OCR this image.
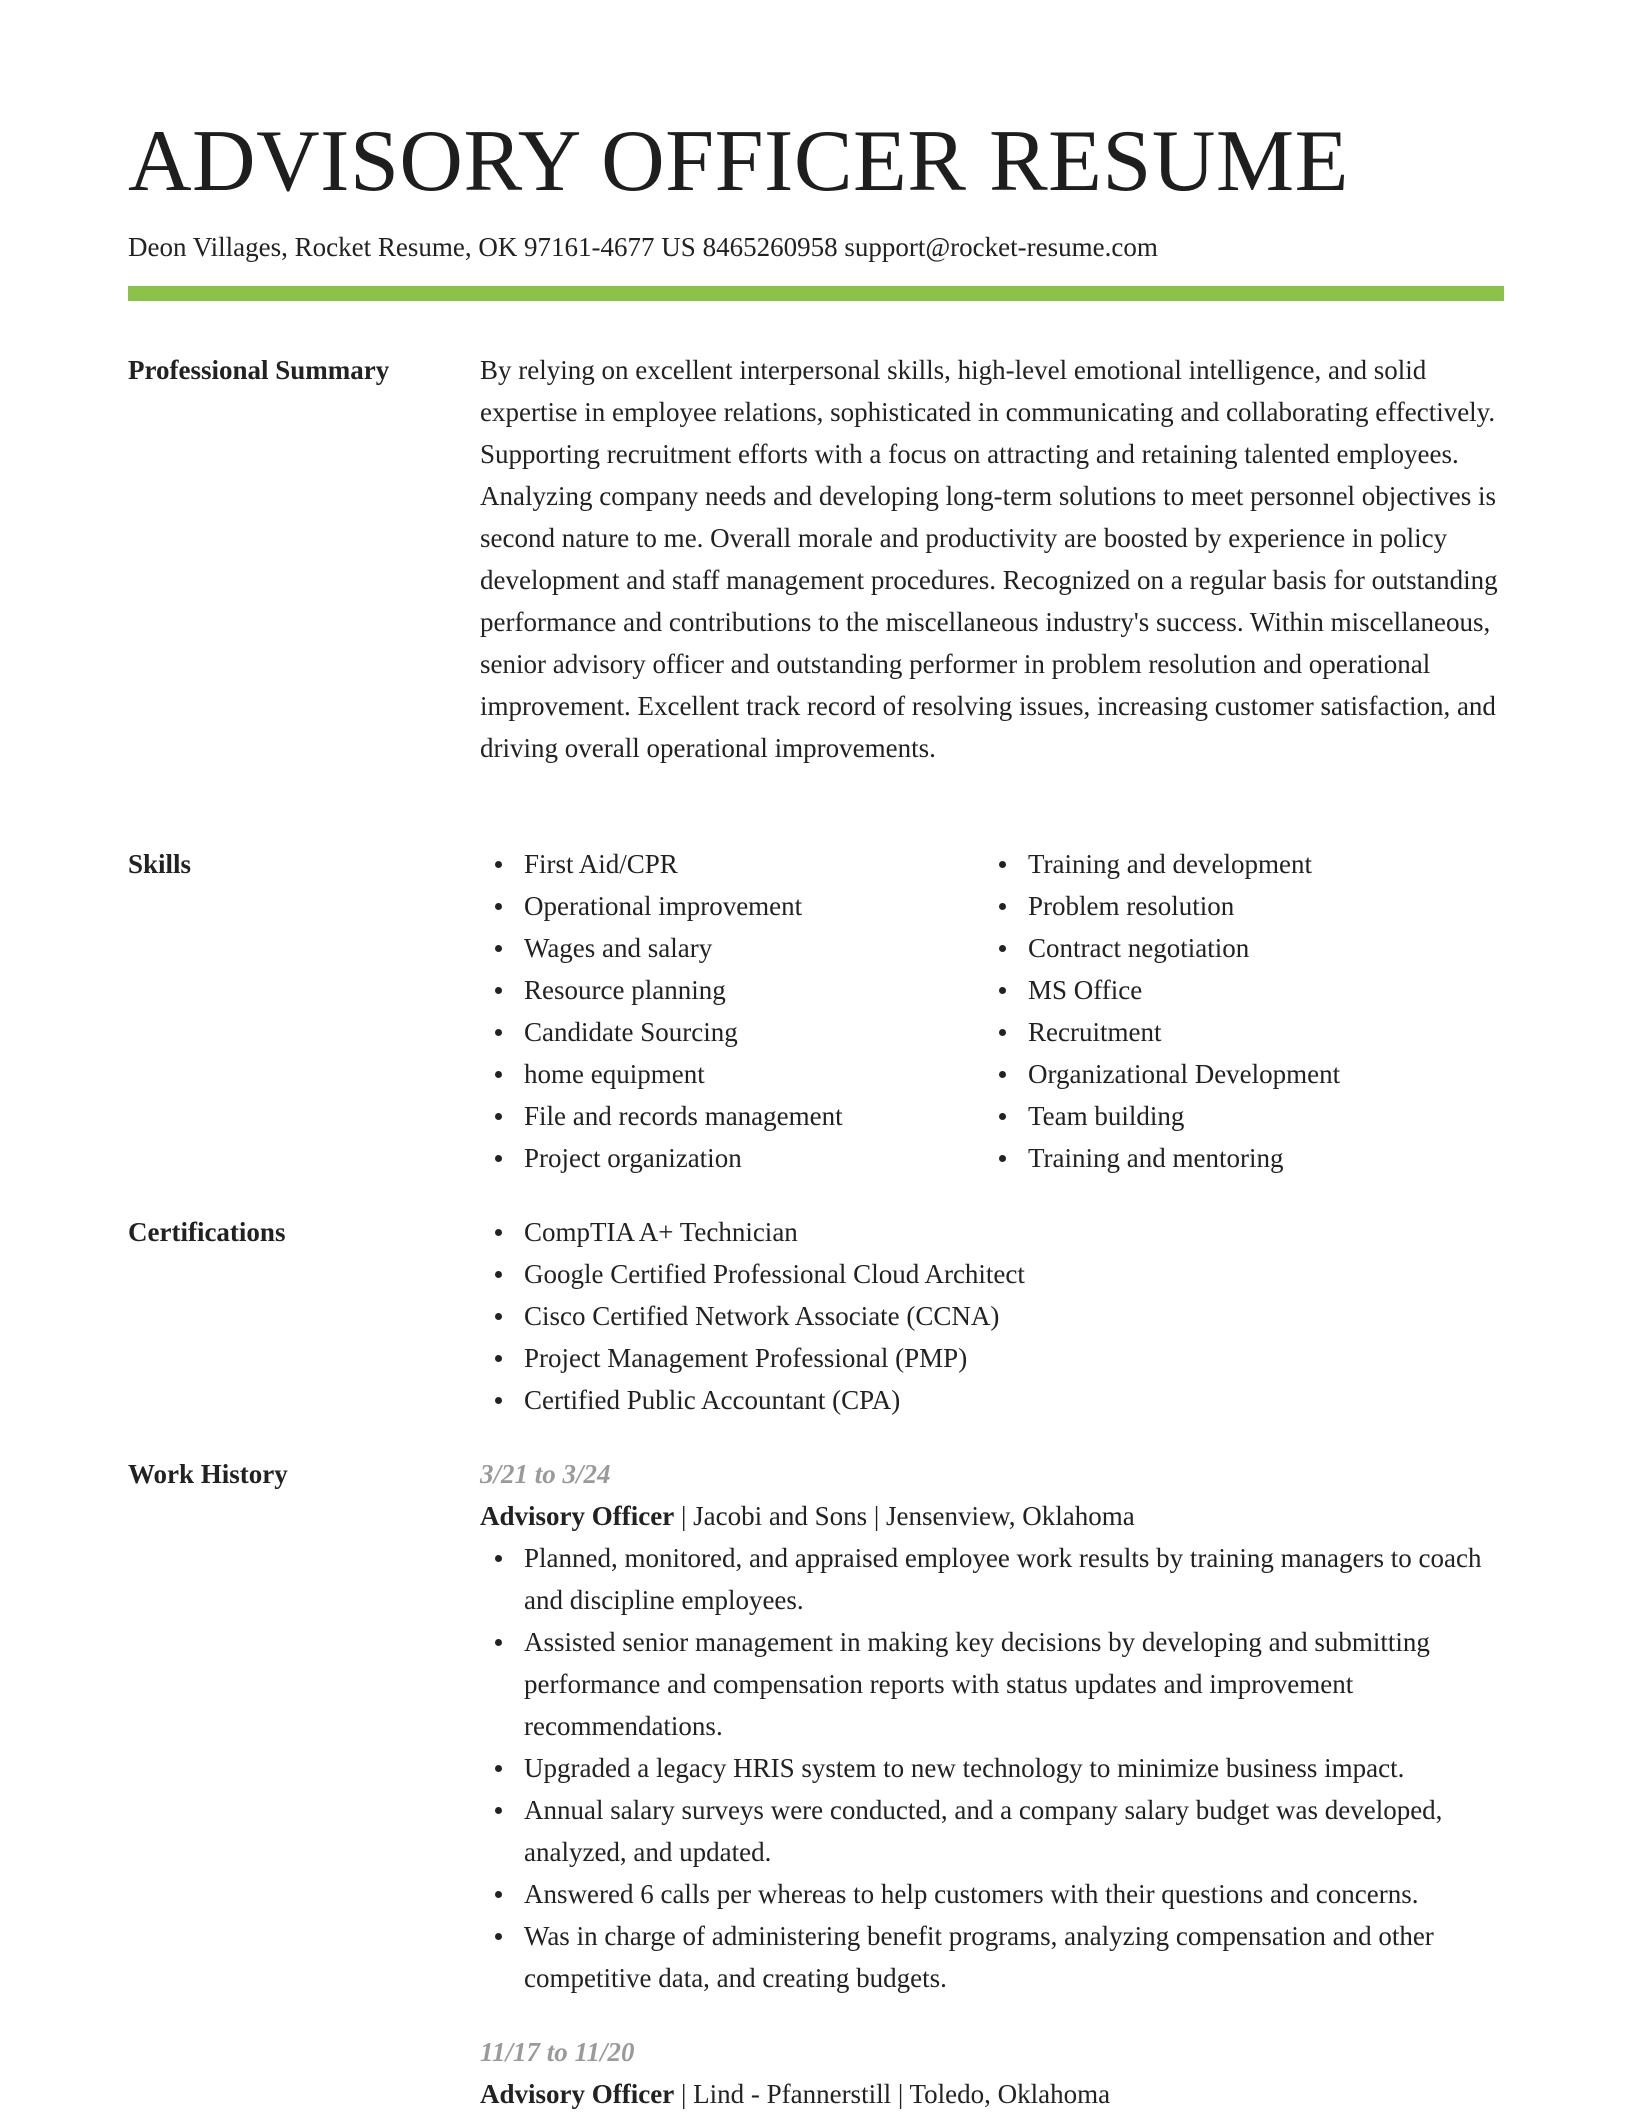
ADVISORY OFFICER RESUME
Deon Villages, Rocket Resume, OK 97161-4677 US 8465260958 support@rocket-resume.com
Professional Summary	By relying on excellent interpersonal skills, high-level emotional intelligence, and solid expertise in employee relations, sophisticated in communicating and collaborating effectively. Supporting recruitment efforts with a focus on attracting and retaining talented employees. Analyzing company needs and developing long-term solutions to meet personnel objectives is second nature to me. Overall morale and productivity are boosted by experience in policy development and staff management procedures. Recognized on a regular basis for outstanding performance and contributions to the miscellaneous industry's success. Within miscellaneous, senior advisory officer and outstanding performer in problem resolution and operational improvement. Excellent track record of resolving issues, increasing customer satisfaction, and driving overall operational improvements.

Skills	First Aid/CPR
Operational improvement
Wages and salary
Resource planning
Candidate Sourcing
home equipment
File and records management
Project organization
Training and development
Problem resolution
Contract negotiation
MS Office
Recruitment
Organizational Development
Team building
Training and mentoring
Certifications	CompTIA A+ Technician
Google Certified Professional Cloud Architect
Cisco Certified Network Associate (CCNA)
Project Management Professional (PMP)
Certified Public Accountant (CPA)
Work History	3/21 to 3/24
Advisory Officer | Jacobi and Sons | Jensenview, Oklahoma
Planned, monitored, and appraised employee work results by training managers to coach and discipline employees.
Assisted senior management in making key decisions by developing and submitting performance and compensation reports with status updates and improvement recommendations.
Upgraded a legacy HRIS system to new technology to minimize business impact.
Annual salary surveys were conducted, and a company salary budget was developed, analyzed, and updated.
Answered 6 calls per whereas to help customers with their questions and concerns.
Was in charge of administering benefit programs, analyzing compensation and other competitive data, and creating budgets.
11/17 to 11/20
Advisory Officer | Lind - Pfannerstill | Toledo, Oklahoma
